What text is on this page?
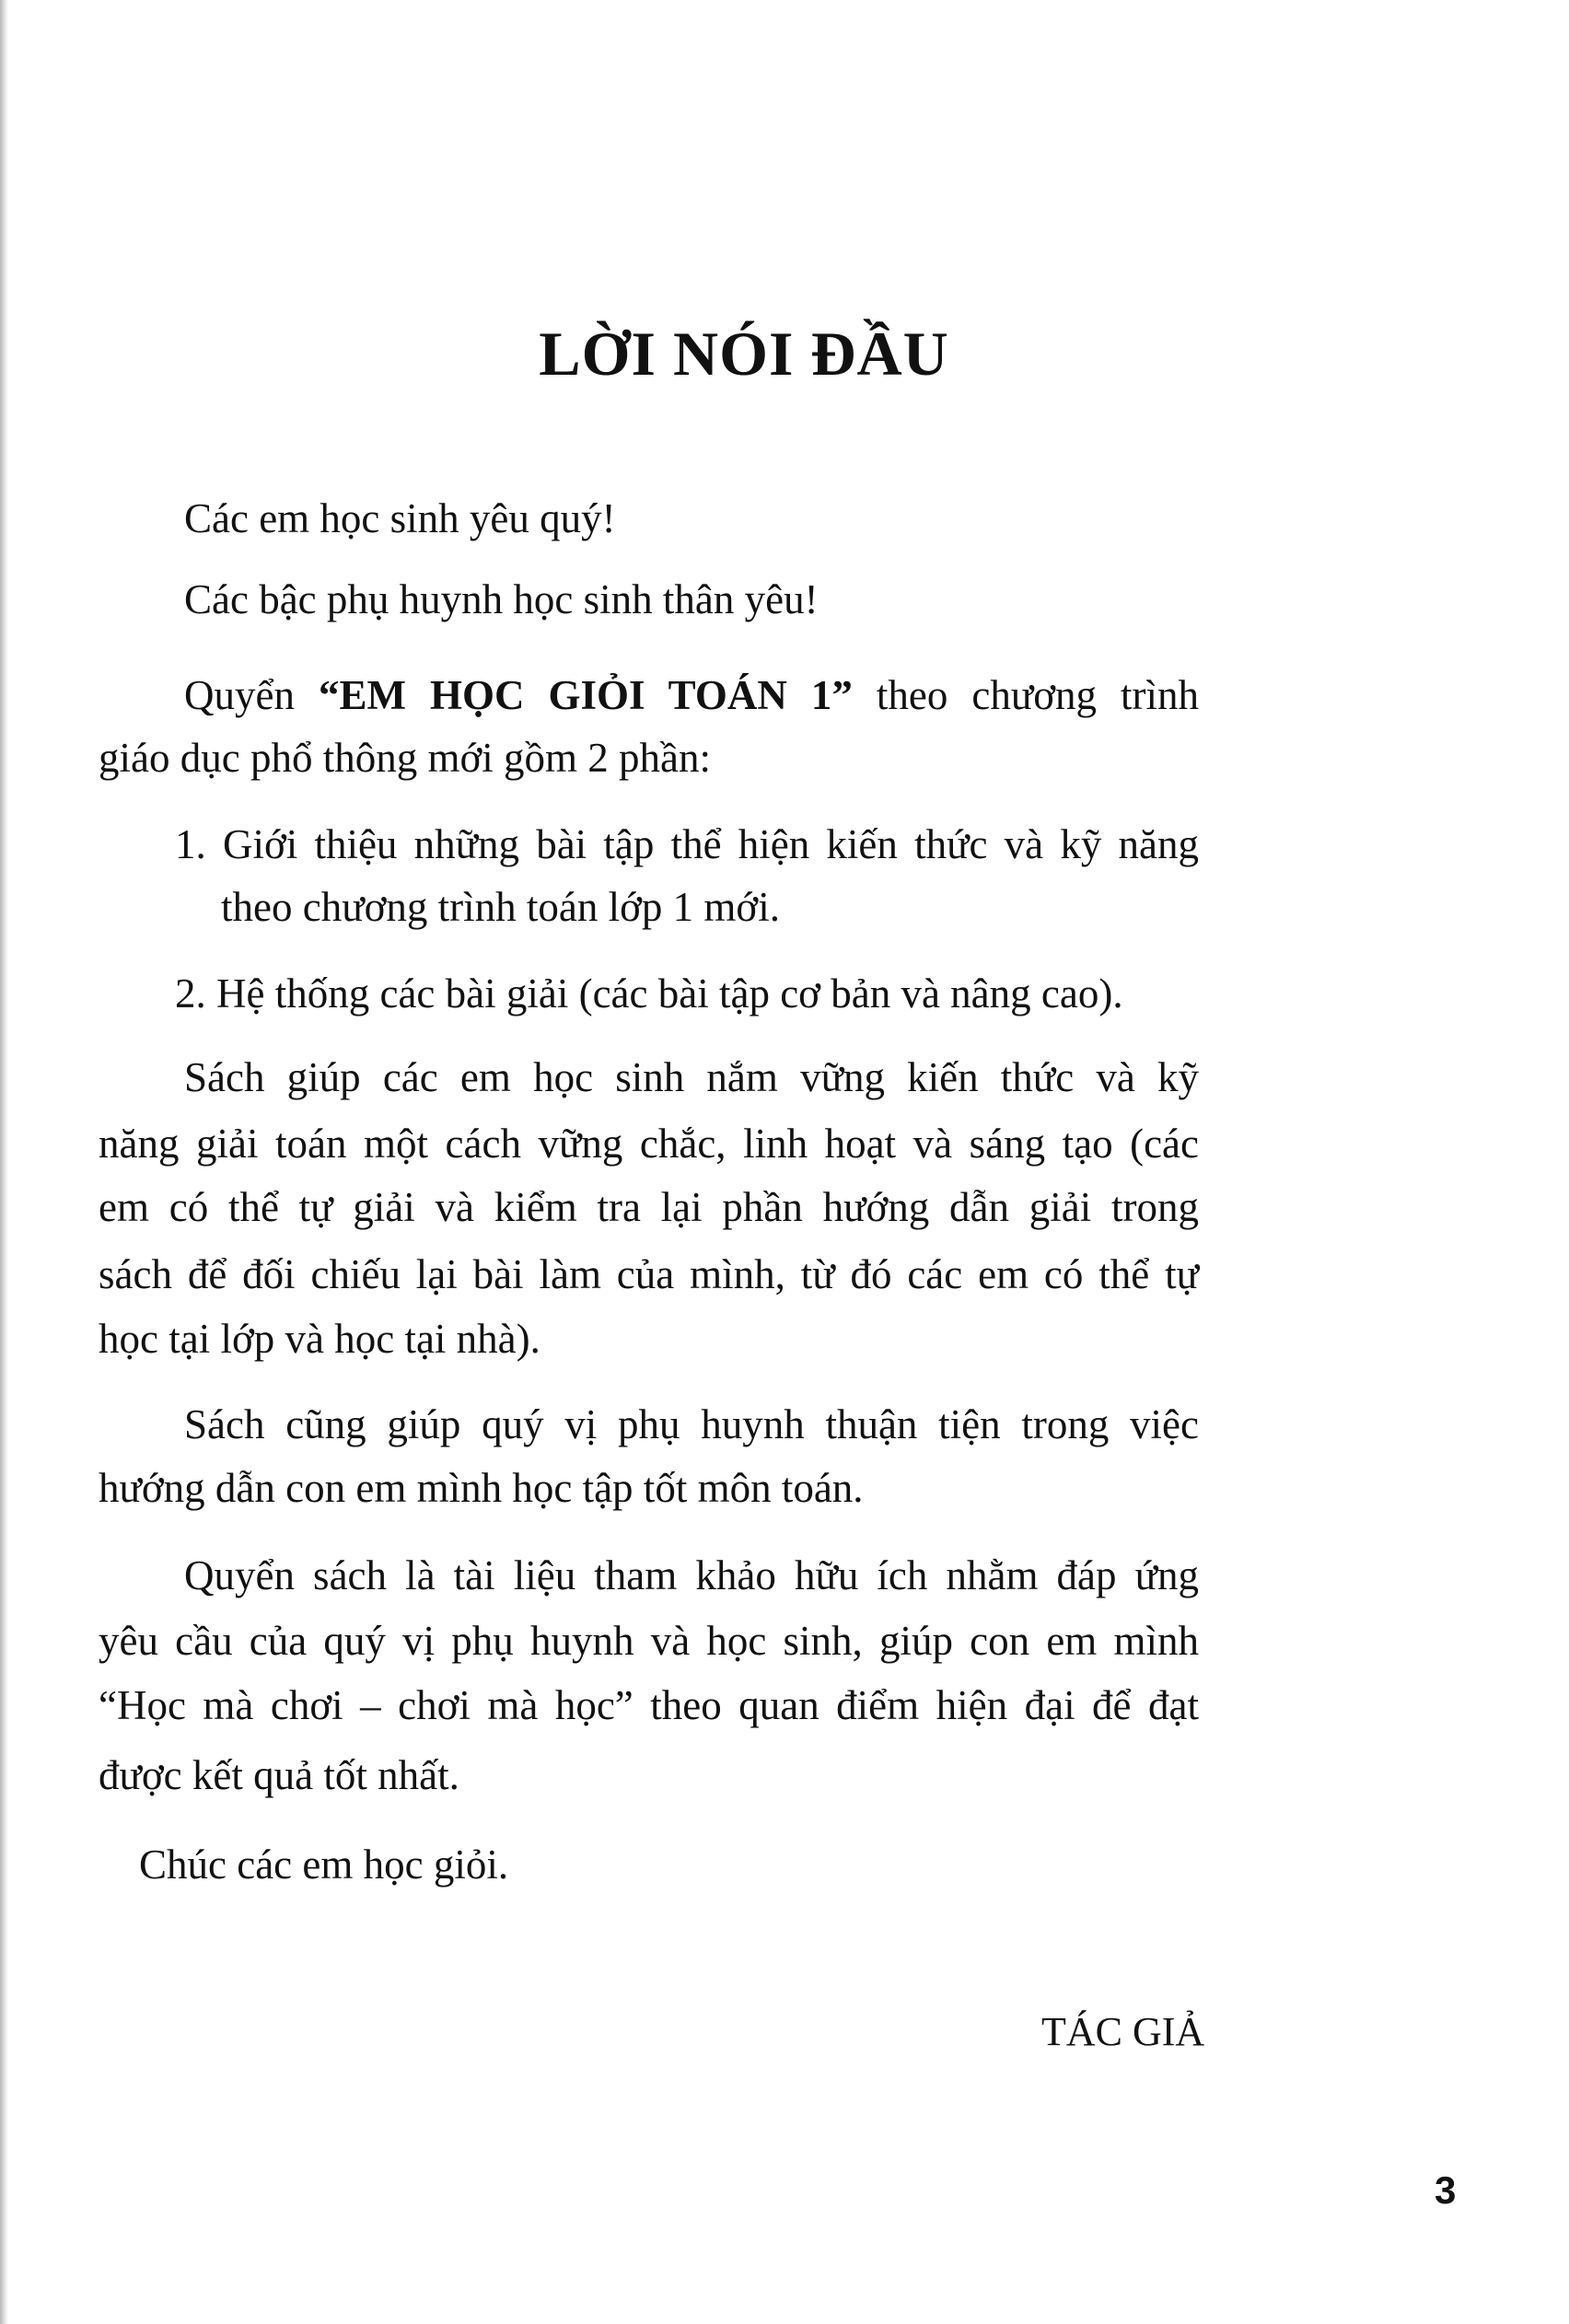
LỜI NÓI ĐẦU
Các em học sinh yêu quý!
Các bậc phụ huynh học sinh thân yêu!
Quyển “EM HỌC GIỎI TOÁN 1” theo chương trình
giáo dục phổ thông mới gồm 2 phần:
1. Giới thiệu những bài tập thể hiện kiến thức và kỹ năng
theo chương trình toán lớp 1 mới.
2. Hệ thống các bài giải (các bài tập cơ bản và nâng cao).
Sách giúp các em học sinh nắm vững kiến thức và kỹ
năng giải toán một cách vững chắc, linh hoạt và sáng tạo (các
em có thể tự giải và kiểm tra lại phần hướng dẫn giải trong
sách để đối chiếu lại bài làm của mình, từ đó các em có thể tự
học tại lớp và học tại nhà).
Sách cũng giúp quý vị phụ huynh thuận tiện trong việc
hướng dẫn con em mình học tập tốt môn toán.
Quyển sách là tài liệu tham khảo hữu ích nhằm đáp ứng
yêu cầu của quý vị phụ huynh và học sinh, giúp con em mình
“Học mà chơi – chơi mà học” theo quan điểm hiện đại để đạt
được kết quả tốt nhất.
Chúc các em học giỏi.
TÁC GIẢ
3
